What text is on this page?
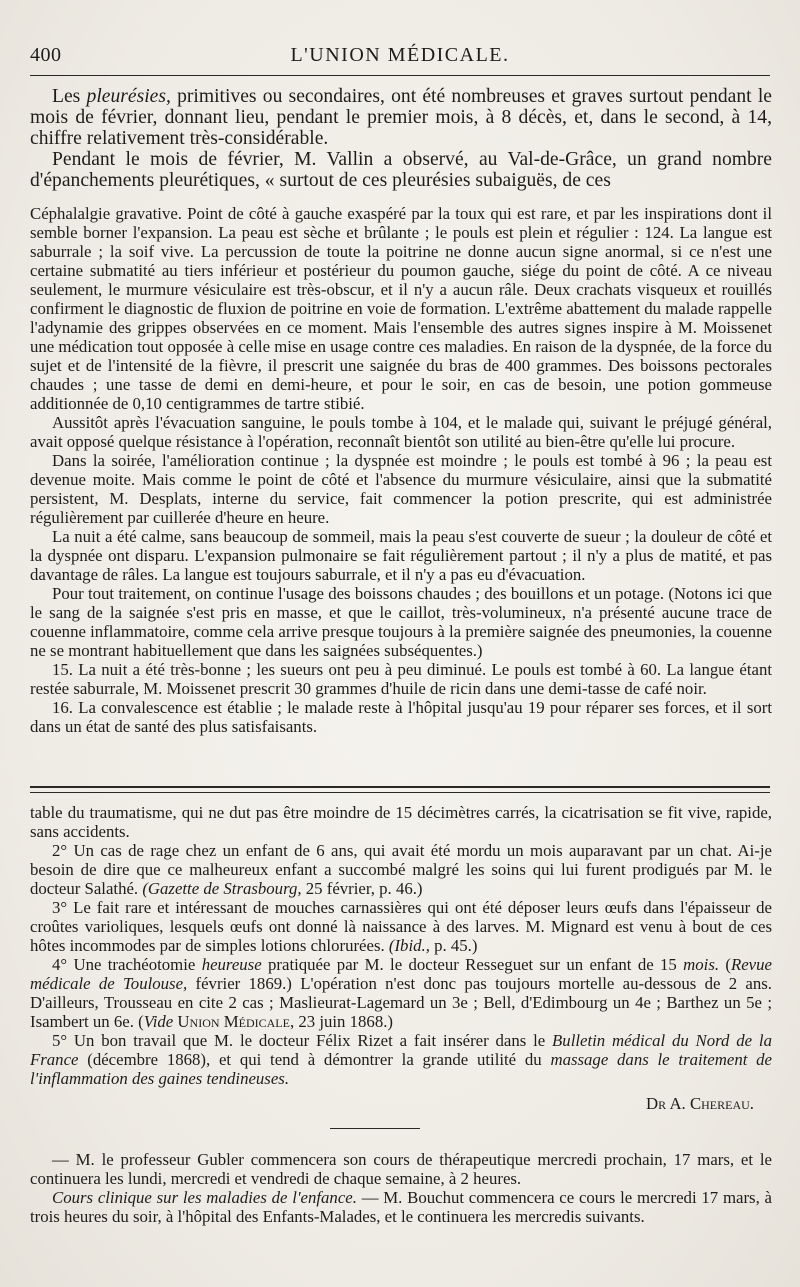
400	L'UNION MÉDICALE.

Les pleurésies, primitives ou secondaires, ont été nombreuses et graves surtout pendant le mois de février, donnant lieu, pendant le premier mois, à 8 décès, et, dans le second, à 14, chiffre relativement très-considérable.

Pendant le mois de février, M. Vallin a observé, au Val-de-Grâce, un grand nombre d'épanchements pleurétiques, « surtout de ces pleurésies subaiguës, de ces

Céphalalgie gravative. Point de côté à gauche exaspéré par la toux qui est rare, et par les inspirations dont il semble borner l'expansion. La peau est sèche et brûlante ; le pouls est plein et régulier : 124. La langue est saburrale ; la soif vive. La percussion de toute la poitrine ne donne aucun signe anormal, si ce n'est une certaine submatité au tiers inférieur et postérieur du poumon gauche, siége du point de côté. A ce niveau seulement, le murmure vésiculaire est très-obscur, et il n'y a aucun râle. Deux crachats visqueux et rouillés confirment le diagnostic de fluxion de poitrine en voie de formation. L'extrême abattement du malade rappelle l'adynamie des grippes observées en ce moment. Mais l'ensemble des autres signes inspire à M. Moissenet une médication tout opposée à celle mise en usage contre ces maladies. En raison de la dyspnée, de la force du sujet et de l'intensité de la fièvre, il prescrit une saignée du bras de 400 grammes. Des boissons pectorales chaudes ; une tasse de demi en demi-heure, et pour le soir, en cas de besoin, une potion gommeuse additionnée de 0,10 centigrammes de tartre stibié.

Aussitôt après l'évacuation sanguine, le pouls tombe à 104, et le malade qui, suivant le préjugé général, avait opposé quelque résistance à l'opération, reconnaît bientôt son utilité au bien-être qu'elle lui procure.

Dans la soirée, l'amélioration continue ; la dyspnée est moindre ; le pouls est tombé à 96 ; la peau est devenue moite. Mais comme le point de côté et l'absence du murmure vésiculaire, ainsi que la submatité persistent, M. Desplats, interne du service, fait commencer la potion prescrite, qui est administrée régulièrement par cuillerée d'heure en heure.

La nuit a été calme, sans beaucoup de sommeil, mais la peau s'est couverte de sueur ; la douleur de côté et la dyspnée ont disparu. L'expansion pulmonaire se fait régulièrement partout ; il n'y a plus de matité, et pas davantage de râles. La langue est toujours saburrale, et il n'y a pas eu d'évacuation.

Pour tout traitement, on continue l'usage des boissons chaudes ; des bouillons et un potage. (Notons ici que le sang de la saignée s'est pris en masse, et que le caillot, très-volumineux, n'a présenté aucune trace de couenne inflammatoire, comme cela arrive presque toujours à la première saignée des pneumonies, la couenne ne se montrant habituellement que dans les saignées subséquentes.)

15. La nuit a été très-bonne ; les sueurs ont peu à peu diminué. Le pouls est tombé à 60. La langue étant restée saburrale, M. Moissenet prescrit 30 grammes d'huile de ricin dans une demi-tasse de café noir.

16. La convalescence est établie ; le malade reste à l'hôpital jusqu'au 19 pour réparer ses forces, et il sort dans un état de santé des plus satisfaisants.

table du traumatisme, qui ne dut pas être moindre de 15 décimètres carrés, la cicatrisation se fit vive, rapide, sans accidents.

2° Un cas de rage chez un enfant de 6 ans, qui avait été mordu un mois auparavant par un chat. Ai-je besoin de dire que ce malheureux enfant a succombé malgré les soins qui lui furent prodigués par M. le docteur Salathé. (Gazette de Strasbourg, 25 février, p. 46.)

3° Le fait rare et intéressant de mouches carnassières qui ont été déposer leurs œufs dans l'épaisseur de croûtes varioliques, lesquels œufs ont donné là naissance à des larves. M. Mignard est venu à bout de ces hôtes incommodes par de simples lotions chlorurées. (Ibid., p. 45.)

4° Une trachéotomie heureuse pratiquée par M. le docteur Resseguet sur un enfant de 15 mois. (Revue médicale de Toulouse, février 1869.) L'opération n'est donc pas toujours mortelle au-dessous de 2 ans. D'ailleurs, Trousseau en cite 2 cas ; Maslieurat-Lagemard un 3e ; Bell, d'Edimbourg un 4e ; Barthez un 5e ; Isambert un 6e. (Vide Union Médicale, 23 juin 1868.)

5° Un bon travail que M. le docteur Félix Rizet a fait insérer dans le Bulletin médical du Nord de la France (décembre 1868), et qui tend à démontrer la grande utilité du massage dans le traitement de l'inflammation des gaines tendineuses.

Dr A. Chereau.

— M. le professeur Gubler commencera son cours de thérapeutique mercredi prochain, 17 mars, et le continuera les lundi, mercredi et vendredi de chaque semaine, à 2 heures.

Cours clinique sur les maladies de l'enfance. — M. Bouchut commencera ce cours le mercredi 17 mars, à trois heures du soir, à l'hôpital des Enfants-Malades, et le continuera les mercredis suivants.
